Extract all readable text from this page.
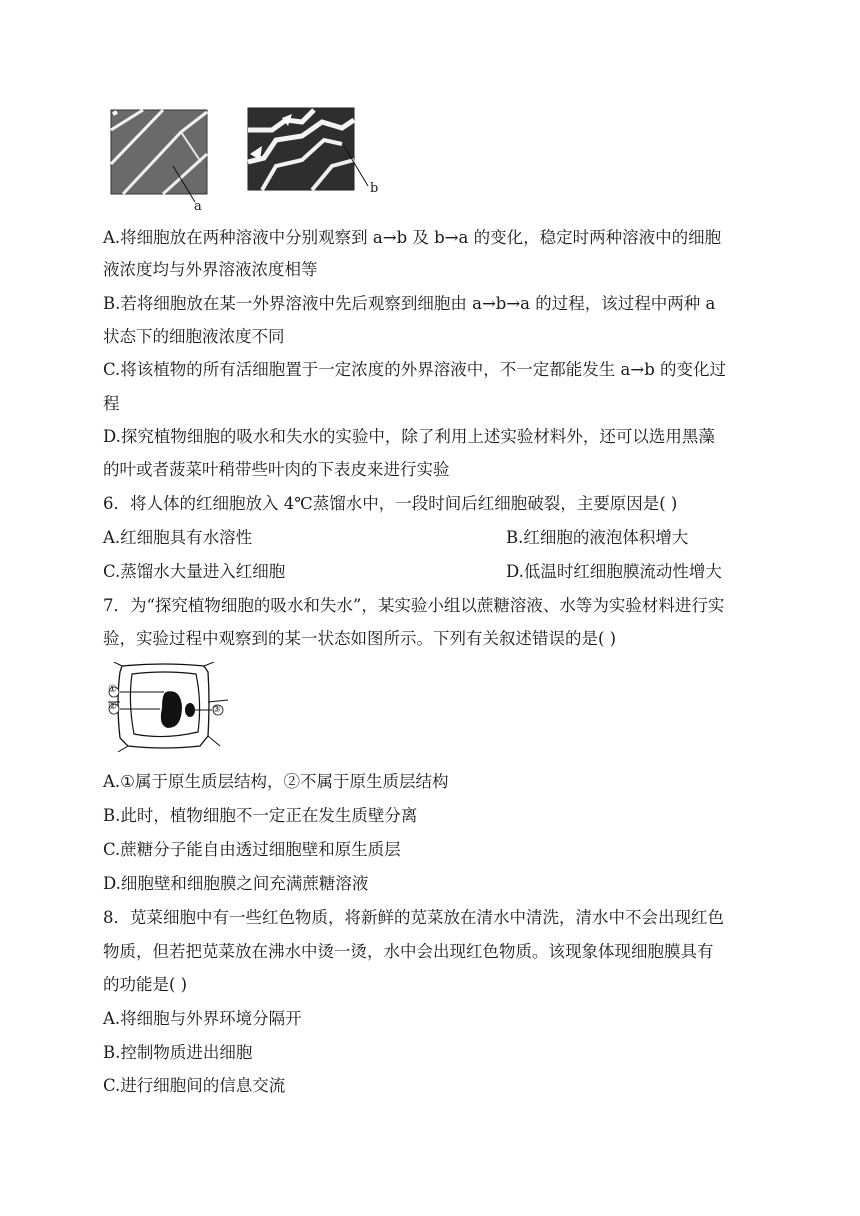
a
b
A.将细胞放在两种溶液中分别观察到 a→b 及 b→a 的变化，稳定时两种溶液中的细胞
液浓度均与外界溶液浓度相等
B.若将细胞放在某一外界溶液中先后观察到细胞由 a→b→a 的过程，该过程中两种 a
状态下的细胞液浓度不同
C.将该植物的所有活细胞置于一定浓度的外界溶液中，不一定都能发生 a→b 的变化过
程
D.探究植物细胞的吸水和失水的实验中，除了利用上述实验材料外，还可以选用黑藻
的叶或者菠菜叶稍带些叶肉的下表皮来进行实验
6．将人体的红细胞放入 4℃蒸馏水中，一段时间后红细胞破裂，主要原因是( )
A.红细胞具有水溶性	B.红细胞的液泡体积增大
C.蒸馏水大量进入红细胞	D.低温时红细胞膜流动性增大
7．为“探究植物细胞的吸水和失水”，某实验小组以蔗糖溶液、水等为实验材料进行实
验，实验过程中观察到的某一状态如图所示。下列有关叙述错误的是( )
①
②	③
A.①属于原生质层结构，②不属于原生质层结构
B.此时，植物细胞不一定正在发生质壁分离
C.蔗糖分子能自由透过细胞壁和原生质层
D.细胞壁和细胞膜之间充满蔗糖溶液
8．苋菜细胞中有一些红色物质，将新鲜的苋菜放在清水中清洗，清水中不会出现红色
物质，但若把苋菜放在沸水中烫一烫，水中会出现红色物质。该现象体现细胞膜具有
的功能是( )
A.将细胞与外界环境分隔开
B.控制物质进出细胞
C.进行细胞间的信息交流
